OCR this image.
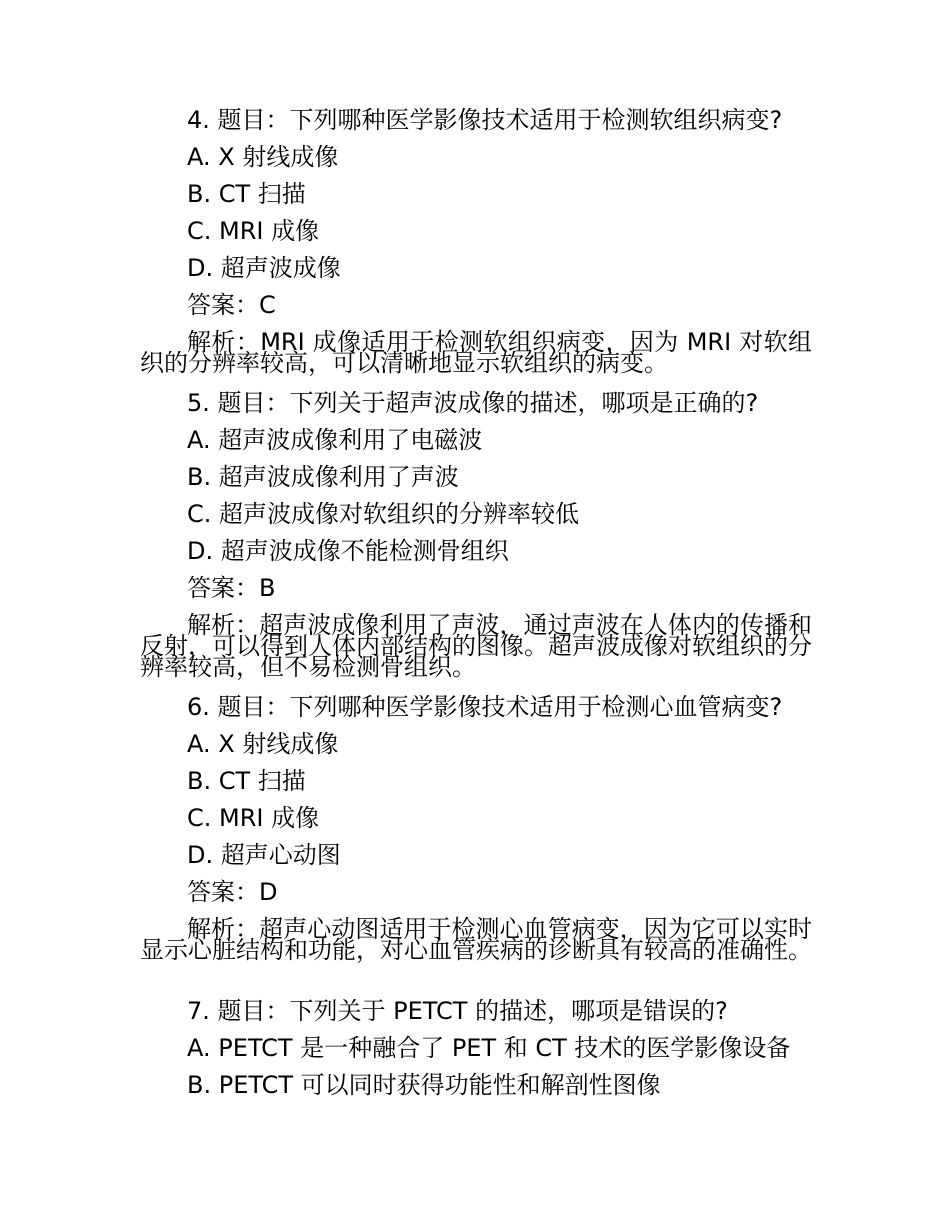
4. 题目：下列哪种医学影像技术适用于检测软组织病变?
A. X 射线成像
B. CT 扫描
C. MRI 成像
D. 超声波成像
答案：C
解析：MRI 成像适用于检测软组织病变，因为 MRI 对软组织的分辨率较高，可以清晰地显示软组织的病变。
5. 题目：下列关于超声波成像的描述，哪项是正确的?
A. 超声波成像利用了电磁波
B. 超声波成像利用了声波
C. 超声波成像对软组织的分辨率较低
D. 超声波成像不能检测骨组织
答案：B
解析：超声波成像利用了声波，通过声波在人体内的传播和反射，可以得到人体内部结构的图像。超声波成像对软组织的分辨率较高，但不易检测骨组织。
6. 题目：下列哪种医学影像技术适用于检测心血管病变?
A. X 射线成像
B. CT 扫描
C. MRI 成像
D. 超声心动图
答案：D
解析：超声心动图适用于检测心血管病变，因为它可以实时显示心脏结构和功能，对心血管疾病的诊断具有较高的准确性。
7. 题目：下列关于 PETCT 的描述，哪项是错误的?
A. PETCT 是一种融合了 PET 和 CT 技术的医学影像设备
B. PETCT 可以同时获得功能性和解剖性图像
